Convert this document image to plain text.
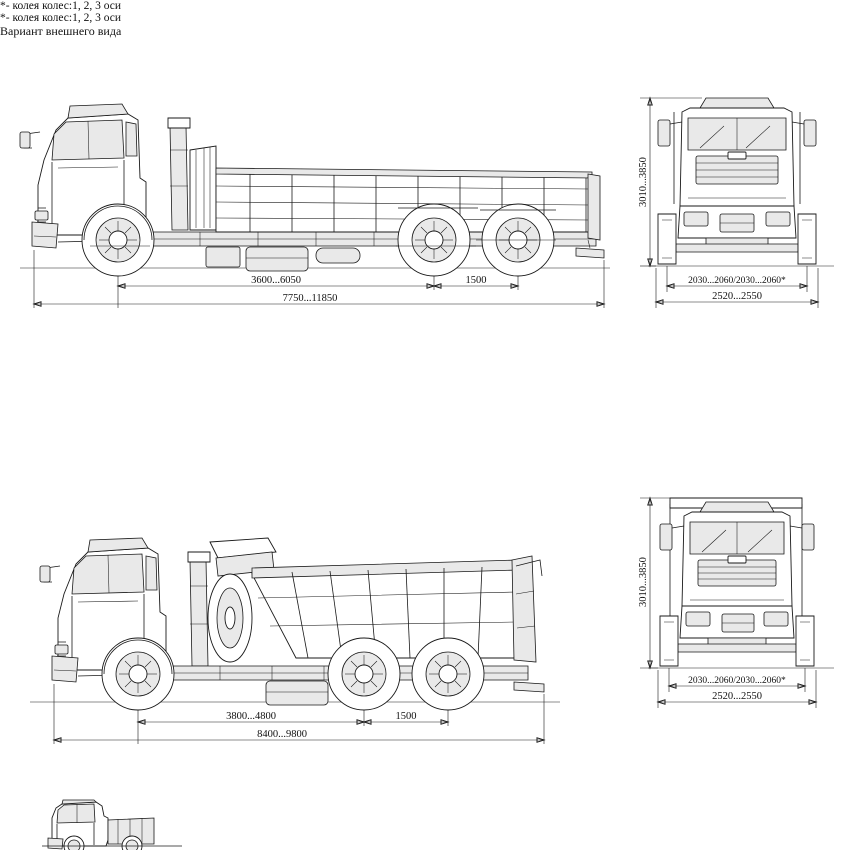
3600...6050	1500
7750...11850
3010...3850
2030...2060/2030...2060*
2520...2550
*- колея колес:1, 2, 3 оси
3800...4800	1500
8400...9800
3010...3850
2030...2060/2030...2060*
2520...2550
*- колея колес:1, 2, 3 оси
Вариант внешнего вида
